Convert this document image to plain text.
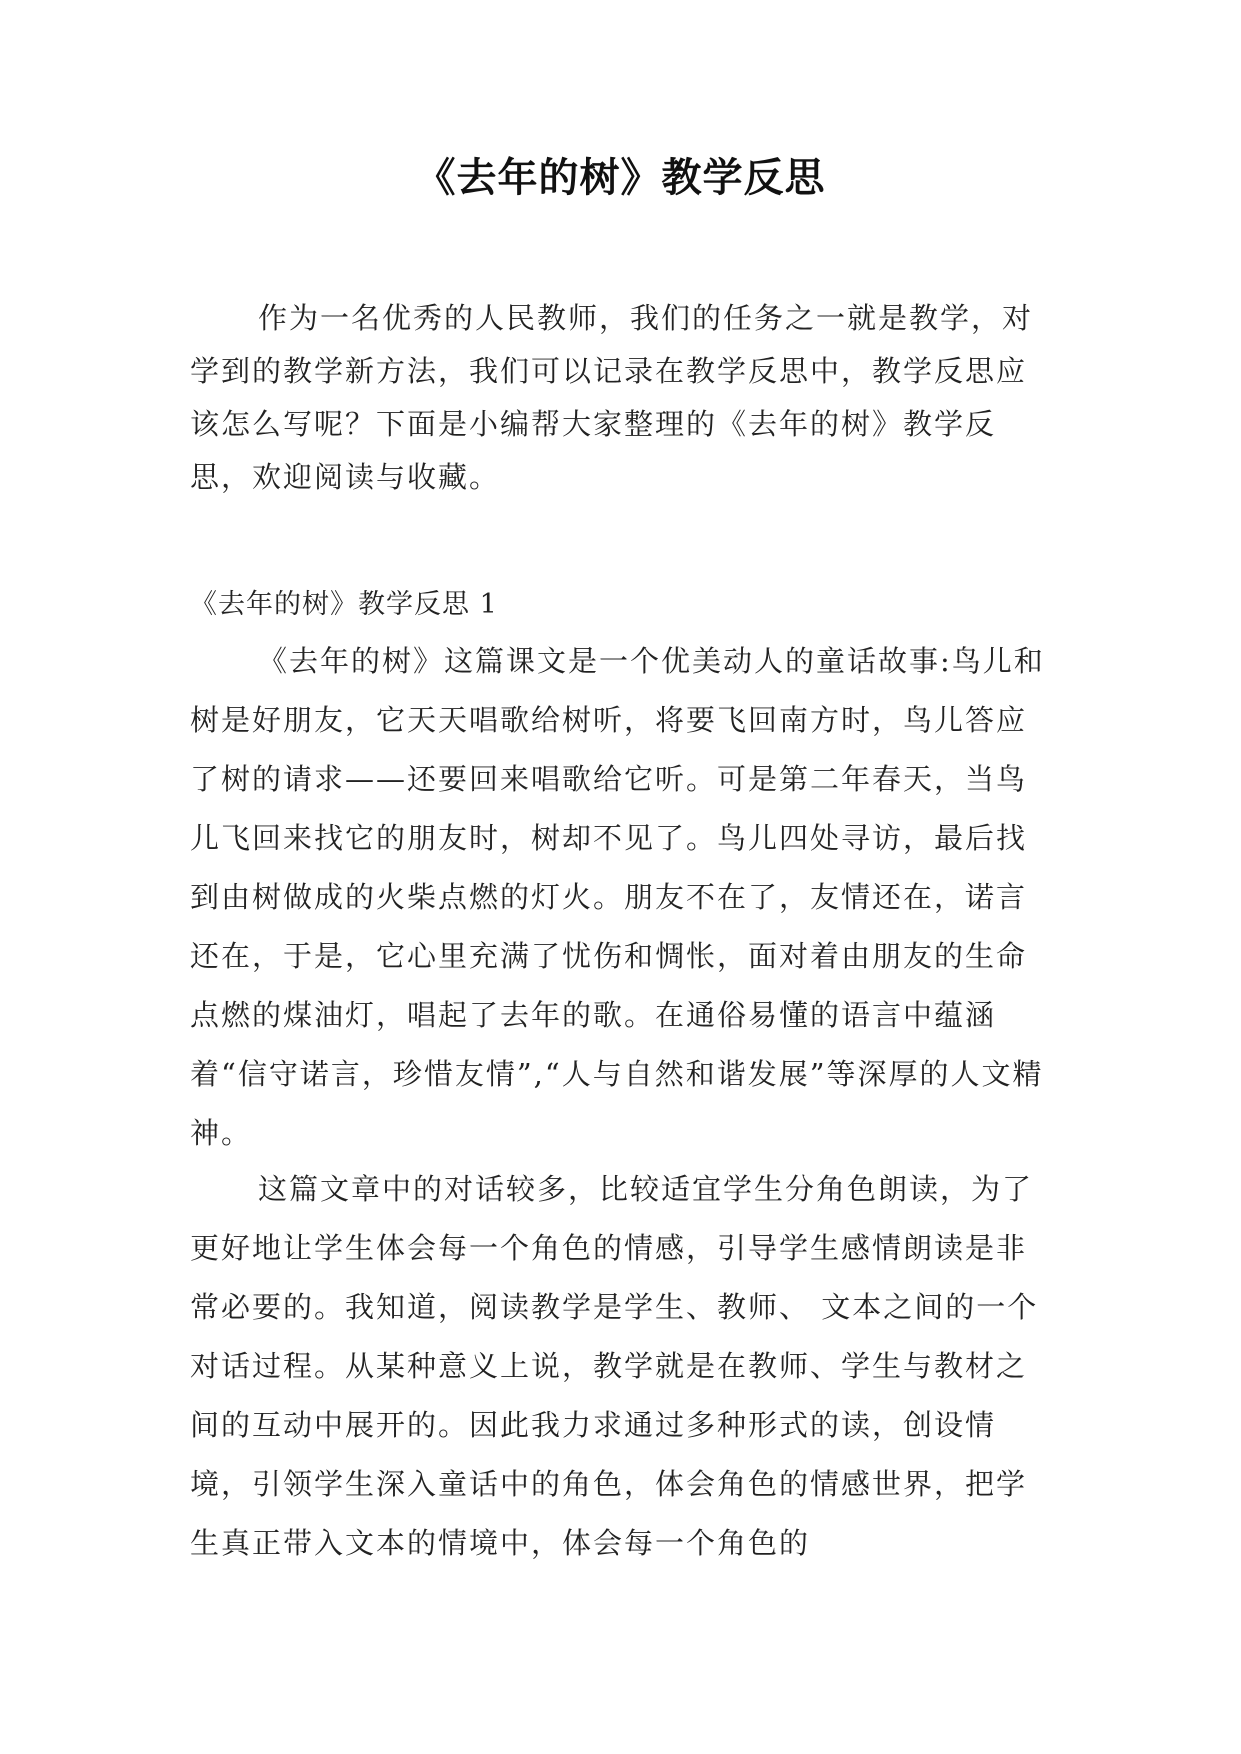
《去年的树》教学反思

作为一名优秀的人民教师，我们的任务之一就是教学，对学到的教学新方法，我们可以记录在教学反思中，教学反思应该怎么写呢？下面是小编帮大家整理的《去年的树》教学反思，欢迎阅读与收藏。

《去年的树》教学反思 1

《去年的树》这篇课文是一个优美动人的童话故事:鸟儿和树是好朋友，它天天唱歌给树听，将要飞回南方时，鸟儿答应了树的请求——还要回来唱歌给它听。可是第二年春天，当鸟儿飞回来找它的朋友时，树却不见了。鸟儿四处寻访，最后找到由树做成的火柴点燃的灯火。朋友不在了，友情还在，诺言还在，于是，它心里充满了忧伤和惆怅，面对着由朋友的生命点燃的煤油灯，唱起了去年的歌。在通俗易懂的语言中蕴涵着“信守诺言，珍惜友情”,“人与自然和谐发展”等深厚的人文精神。

这篇文章中的对话较多，比较适宜学生分角色朗读，为了更好地让学生体会每一个角色的情感，引导学生感情朗读是非常必要的。我知道，阅读教学是学生、教师、 文本之间的一个对话过程。从某种意义上说，教学就是在教师、学生与教材之间的互动中展开的。因此我力求通过多种形式的读，创设情境，引领学生深入童话中的角色，体会角色的情感世界，把学生真正带入文本的情境中，体会每一个角色的
